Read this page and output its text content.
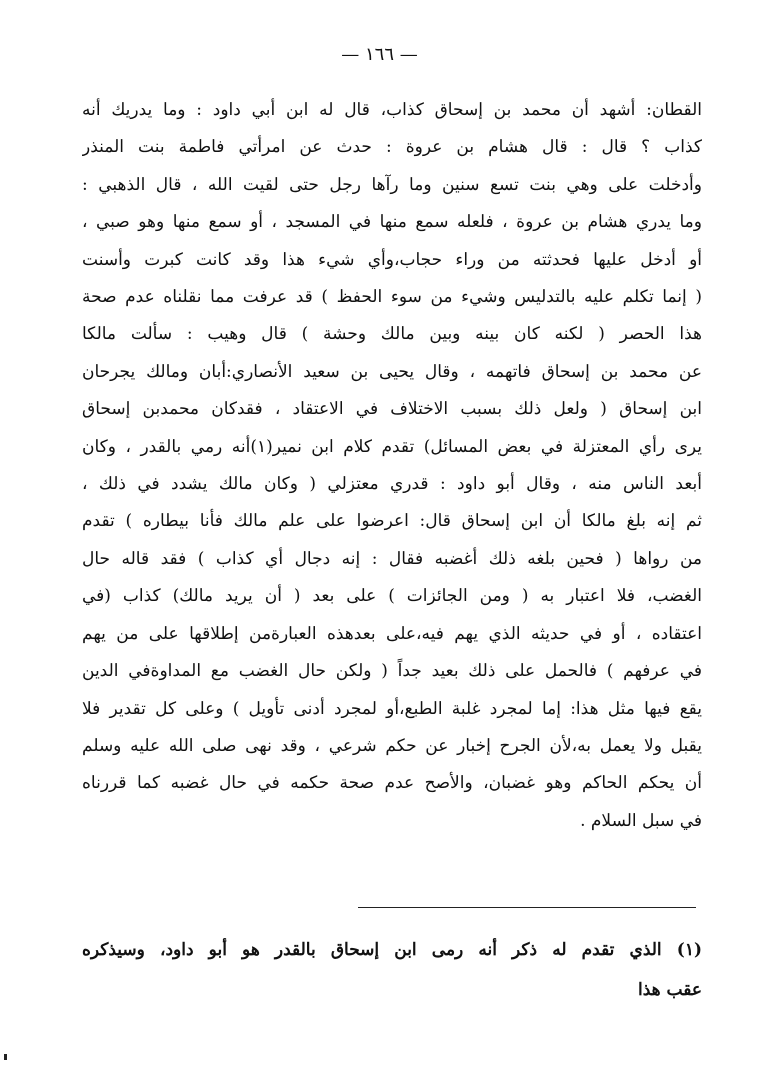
— ١٦٦ —
القطان: أشهد أن محمد بن إسحاق كذاب، قال له ابن أبي داود : وما يدريك أنه
كذاب ؟ قال : قال هشام بن عروة : حدث عن امرأتي فاطمة بنت المنذر
وأدخلت على وهي بنت تسع سنين وما رآها رجل حتى لقيت الله ، قال الذهبي :
وما يدري هشام بن عروة ، فلعله سمع منها في المسجد ، أو سمع منها وهو صبي ،
أو أدخل عليها فحدثته من وراء حجاب،وأي شيء هذا وقد كانت كبرت وأسنت
( إنما تكلم عليه بالتدليس وشيء من سوء الحفظ ) قد عرفت مما نقلناه عدم صحة
هذا الحصر ( لكنه كان بينه وبين مالك وحشة ) قال وهيب : سألت مالكا
عن محمد بن إسحاق فاتهمه ، وقال يحيى بن سعيد الأنصاري:أبان ومالك يجرحان
ابن إسحاق ( ولعل ذلك بسبب الاختلاف في الاعتقاد ، فقدكان محمدبن إسحاق
يرى رأي المعتزلة في بعض المسائل) تقدم كلام ابن نمير(١)أنه رمي بالقدر ، وكان
أبعد الناس منه ، وقال أبو داود : قدري معتزلي ( وكان مالك يشدد في ذلك ،
ثم إنه بلغ مالكا أن ابن إسحاق قال: اعرضوا على علم مالك فأنا بيطاره ) تقدم
من رواها ( فحين بلغه ذلك أغضبه فقال : إنه دجال أي كذاب ) فقد قاله حال
الغضب، فلا اعتبار به ( ومن الجائزات ) على بعد ( أن يريد مالك) كذاب (في
اعتقاده ، أو في حديثه الذي يهم فيه،على بعدهذه العبارةمن إطلاقها على من يهم
في عرفهم ) فالحمل على ذلك بعيد جداً ( ولكن حال الغضب مع المداوةفي الدين
يقع فيها مثل هذا: إما لمجرد غلبة الطبع،أو لمجرد أدنى تأويل ) وعلى كل تقدير فلا
يقبل ولا يعمل به،لأن الجرح إخبار عن حكم شرعي ، وقد نهى صلى الله عليه وسلم
أن يحكم الحاكم وهو غضبان، والأصح عدم صحة حكمه في حال غضبه كما قررناه
في سبل السلام .
(١) الذي تقدم له ذكر أنه رمى ابن إسحاق بالقدر هو أبو داود، وسيذكره
عقب هذا
